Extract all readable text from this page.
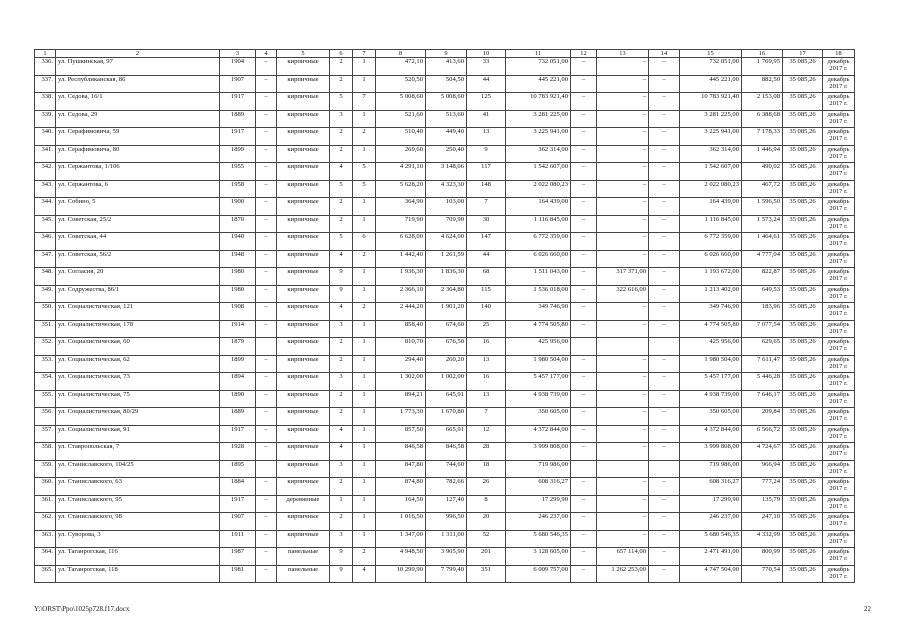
1	2	3	4	5	6	7	8	9	10	11	12	13	14	15	16	17	18
336.	ул. Пушкинская, 97	1904	–	кирпичные	2	1	472,10	413,60	33	732 051,00	–	–	–	732 051,00	1 769,95	35 085,26	декабрь 2017 г.
337.	ул. Республиканская, 86	1907	–	кирпичные	2	1	520,50	504,50	44	445 221,00	–	–	–	445 221,00	882,50	35 085,26	декабрь 2017 г.
338.	ул. Седова, 16/1	1917	–	кирпичные	5	7	5 008,60	5 008,60	125	10 783 921,40	–	–	–	10 783 921,40	2 153,08	35 085,26	декабрь 2017 г.
339.	ул. Седова, 29	1889	–	кирпичные	3	1	521,60	513,60	41	3 281 225,00	–	–	–	3 281 225,00	6 388,68	35 085,26	декабрь 2017 г.
340.	ул. Серафимовича, 59	1917	–	кирпичные	2	2	510,40	449,40	13	3 225 941,00	–	–	–	3 225 941,00	7 178,33	35 085,26	декабрь 2017 г.
341.	ул. Серафимовича, 80	1899	–	кирпичные	2	1	269,60	250,40	9	362 314,00	–	–	–	362 314,00	1 446,94	35 085,26	декабрь 2017 г.
342.	ул. Сержантова, 1/106	1955	–	кирпичные	4	5	4 291,10	3 148,06	117	1 542 607,00	–	–	–	1 542 607,00	490,02	35 085,26	декабрь 2017 г.
343.	ул. Сержантова, 6	1958	–	кирпичные	5	5	5 628,20	4 323,30	148	2 022 080,23	–	–	–	2 022 080,23	467,72	35 085,26	декабрь 2017 г.
344.	ул. Собино, 5	1900	–	кирпичные	2	1	364,90	103,00	7	164 439,00	–	–	–	164 439,00	1 596,50	35 085,26	декабрь 2017 г.
345.	ул. Советская, 25/2	1870	–	кирпичные	2	1	719,90	709,90	30	1 116 845,00	–	–	–	1 116 845,00	1 573,24	35 085,26	декабрь 2017 г.
346.	ул. Советская, 44	1940	–	кирпичные	5	6	6 628,00	4 624,00	147	6 772 359,00	–	–	–	6 772 359,00	1 464,61	35 085,26	декабрь 2017 г.
347.	ул. Советская, 56/2	1948	–	кирпичные	4	2	1 442,40	1 261,59	44	6 026 660,00	–	–	–	6 026 660,00	4 777,04	35 085,26	декабрь 2017 г.
348.	ул. Согласия, 20	1980	–	кирпичные	9	1	1 936,30	1 836,30	68	1 511 043,00	–	317 371,00	–	1 193 672,00	822,87	35 085,26	декабрь 2017 г.
349.	ул. Содружества, 86/1	1980	–	кирпичные	9	1	2 366,10	2 364,80	115	1 536 018,00	–	322 616,00	–	1 213 402,00	649,53	35 085,26	декабрь 2017 г.
350.	ул. Социалистическая, 121	1908	–	кирпичные	4	2	2 444,20	1 901,20	140	349 746,90	–	–	–	349 746,90	183,96	35 085,26	декабрь 2017 г.
351.	ул. Социалистическая, 178	1914	–	кирпичные	3	1	858,40	674,60	25	4 774 505,80	–	–	–	4 774 505,80	7 077,54	35 085,26	декабрь 2017 г.
352.	ул. Социалистическая, 60	1879		кирпичные	2	1	810,70	676,50	16	425 956,00				425 956,00	629,65	35 085,26	декабрь 2017 г.
353.	ул. Социалистическая, 62	1899	–	кирпичные	2	1	294,40	260,20	13	1 980 504,00	–	–	–	1 980 504,00	7 611,47	35 085,26	декабрь 2017 г.
354.	ул. Социалистическая, 73	1894	–	кирпичные	3	1	1 302,00	1 002,00	16	5 457 177,00	–	–	–	5 457 177,00	5 446,28	35 085,26	декабрь 2017 г.
355.	ул. Социалистическая, 75	1890	–	кирпичные	2	1	894,21	645,91	13	4 938 739,00	–	–	–	4 938 739,00	7 646,17	35 085,26	декабрь 2017 г.
356.	ул. Социалистическая, 80/29	1889	–	кирпичные	2	1	1 773,30	1 670,80	7	350 605,00	–	–	–	350 605,00	209,84	35 085,26	декабрь 2017 г.
357.	ул. Социалистическая, 91	1917	–	кирпичные	4	1	857,50	665,91	12	4 372 844,00	–	–	–	4 372 844,00	6 566,72	35 085,26	декабрь 2017 г.
358.	ул. Ставропольская, 7	1928	–	кирпичные	4	1	846,58	846,58	28	3 999 808,00	–	–	–	3 999 808,00	4 724,67	35 085,26	декабрь 2017 г.
359.	ул. Станиславского, 104/25	1895		кирпичные	3	1	847,80	744,60	18	719 986,00				719 986,00	966,94	35 085,26	декабрь 2017 г.
360.	ул. Станиславского, 63	1884	–	кирпичные	2	1	874,80	782,66	26	608 316,27	–	–	–	608 316,27	777,24	35 085,26	декабрь 2017 г.
361.	ул. Станиславского, 95	1917	–	деревянные	1	1	164,50	127,40	8	17 299,90	–	–	–	17 299,90	135,79	35 085,26	декабрь 2017 г.
362.	ул. Станиславского, 98	1907	–	кирпичные	2	1	1 016,50	996,50	20	246 237,00	–	–	–	246 237,00	247,10	35 085,26	декабрь 2017 г.
363.	ул. Суворова, 3	1911	–	кирпичные	3	1	1 347,00	1 311,00	52	5 680 546,35	–	–	–	5 680 546,35	4 332,99	35 085,26	декабрь 2017 г.
364.	ул. Таганрогская, 116	1987	–	панельные	9	2	4 948,50	3 905,90	201	3 128 605,00	–	657 114,00	–	2 471 491,00	800,99	35 085,26	декабрь 2017 г.
365.	ул. Таганрогская, 118	1981	–	панельные	9	4	10 299,90	7 799,40	351	6 009 757,00	–	1 262 253,00	–	4 747 504,00	770,54	35 085,26	декабрь 2017 г.
Y:\ORST\Ppo\1025p728.f17.docx	22
